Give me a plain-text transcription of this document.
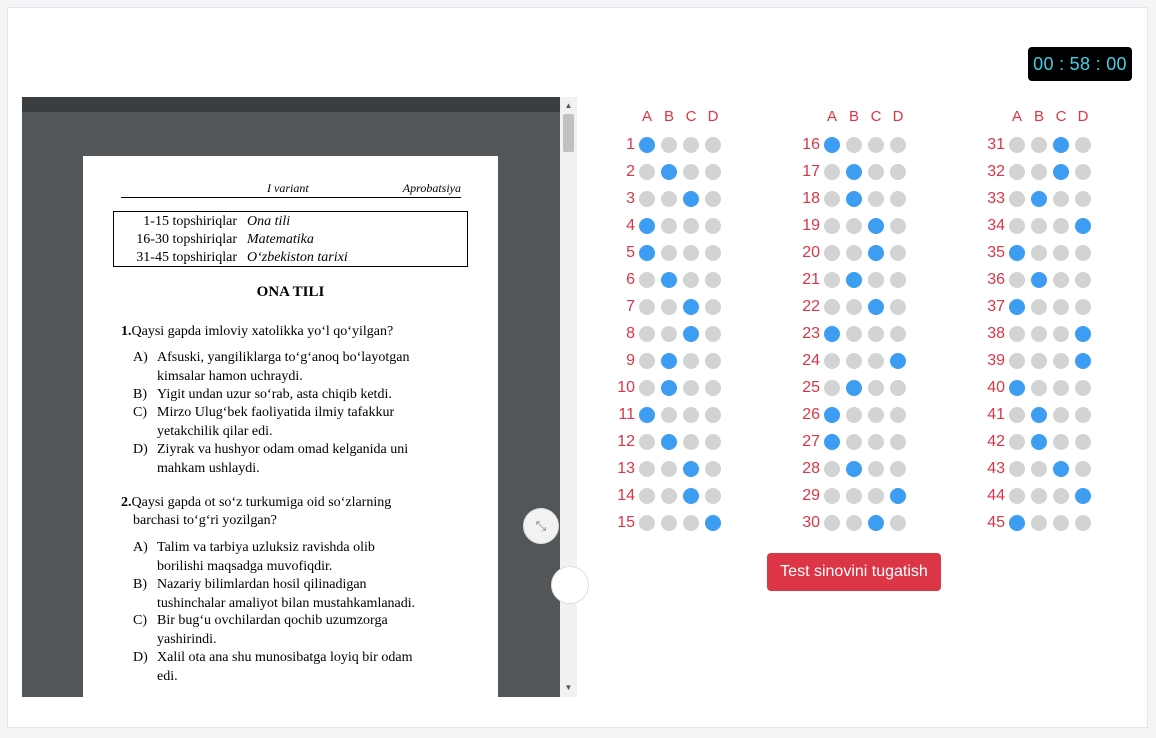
00 : 58 : 00
I variant	Aprobatsiya
1-15 topshiriqlar Ona tili
16-30 topshiriqlar Matematika
31-45 topshiriqlar O‘zbekiston tarixi
ONA TILI
1.Qaysi gapda imloviy xatolikka yo‘l qo‘yilgan?
A) Afsuski, yangiliklarga to‘g‘anoq bo‘layotgan
kimsalar hamon uchraydi.
B) Yigit undan uzur so‘rab, asta chiqib ketdi.
C) Mirzo Ulug‘bek faoliyatida ilmiy tafakkur
yetakchilik qilar edi.
D) Ziyrak va hushyor odam omad kelganida uni
mahkam ushlaydi.
2.Qaysi gapda ot so‘z turkumiga oid so‘zlarning
barchasi to‘g‘ri yozilgan?
A) Talim va tarbiya uzluksiz ravishda olib
borilishi maqsadga muvofiqdir.
B) Nazariy bilimlardan hosil qilinadigan
tushinchalar amaliyot bilan mustahkamlanadi.
C) Bir bug‘u ovchilardan qochib uzumzorga
yashirindi.
D) Xalil ota ana shu munosibatga loyiq bir odam
edi.
▲
▼
⤡
A B C D
1
2
3
4
5
6
7
8
9
10
11
12
13
14
15
A B C D
16
17
18
19
20
21
22
23
24
25
26
27
28
29
30
A B C D
31
32
33
34
35
36
37
38
39
40
41
42
43
44
45
Test sinovini tugatish
